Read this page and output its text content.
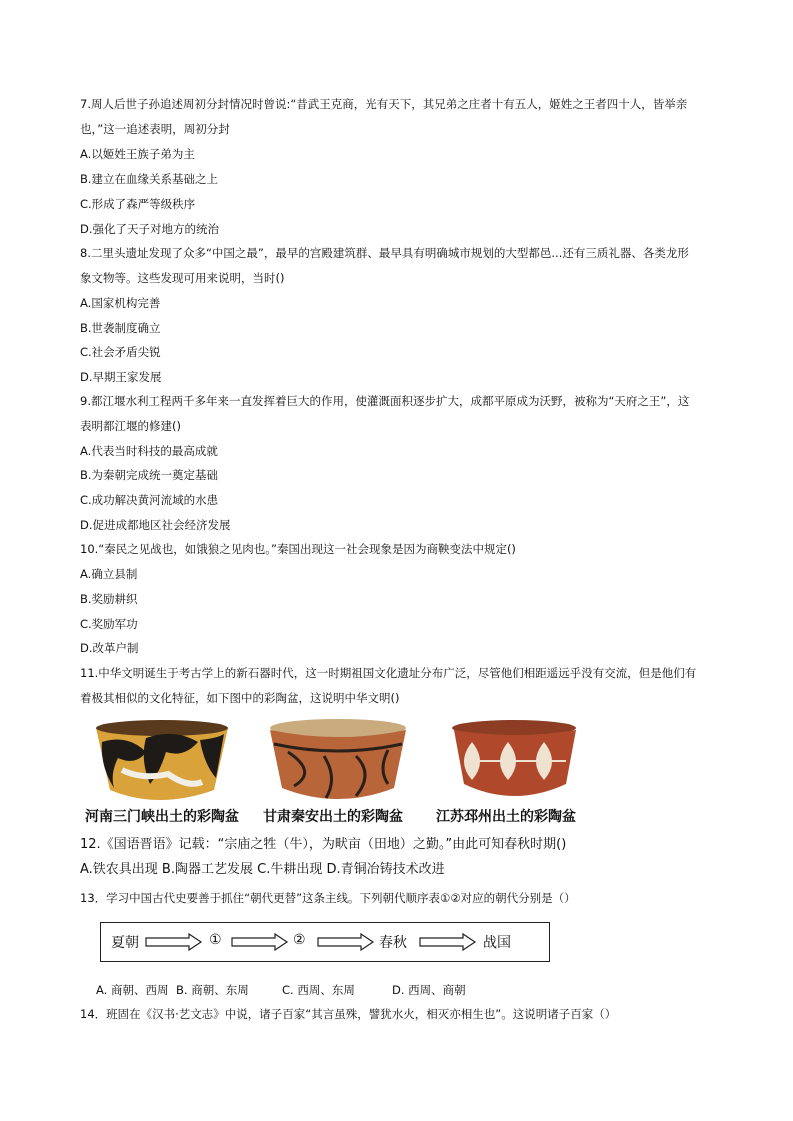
7.周人后世子孙追述周初分封情况时曾说:“昔武王克商，光有天下，其兄弟之庄者十有五人，姬姓之王者四十人，皆举亲
也，”这一追述表明，周初分封
A.以姬姓王族子弟为主
B.建立在血缘关系基础之上
C.形成了森严等级秩序
D.强化了天子对地方的统治
8.二里头遗址发现了众多“中国之最”，最早的宫殿建筑群、最早具有明确城市规划的大型都邑...还有三质礼器、各类龙形
象文物等。这些发现可用来说明，当时()
A.国家机构完善
B.世袭制度确立
C.社会矛盾尖锐
D.早期王家发展
9.都江堰水利工程两千多年来一直发挥着巨大的作用，使灌溉面积逐步扩大，成都平原成为沃野，被称为“天府之王”，这
表明都江堰的修建()
A.代表当时科技的最高成就
B.为秦朝完成统一奠定基础
C.成功解决黄河流域的水患
D.促进成都地区社会经济发展
10.“秦民之见战也，如饿狼之见肉也。”秦国出现这一社会现象是因为商鞅变法中规定()
A.确立县制
B.奖励耕织
C.奖励军功
D.改革户制
11.中华文明诞生于考古学上的新石器时代，这一时期祖国文化遗址分布广泛，尽管他们相距遥远乎没有交流，但是他们有
着极其相似的文化特征，如下图中的彩陶盆，这说明中华文明()
河南三门峡出土的彩陶盆 甘肃秦安出土的彩陶盆 江苏邳州出土的彩陶盆
12.《国语晋语》记载：“宗庙之牲（牛），为畎亩（田地）之勤。”由此可知春秋时期()
A.铁农具出现 B.陶器工艺发展 C.牛耕出现 D.青铜冶铸技术改进
13．学习中国古代史要善于抓住“朝代更替”这条主线。下列朝代顺序表①②对应的朝代分别是（）
夏朝	①	②	春秋	战国
A. 商朝、西周 B. 商朝、东周	C. 西周、东周	D. 西周、商朝
14．班固在《汉书·艺文志》中说，诸子百家“其言虽殊，譬犹水火，相灭亦相生也”。这说明诸子百家（）
